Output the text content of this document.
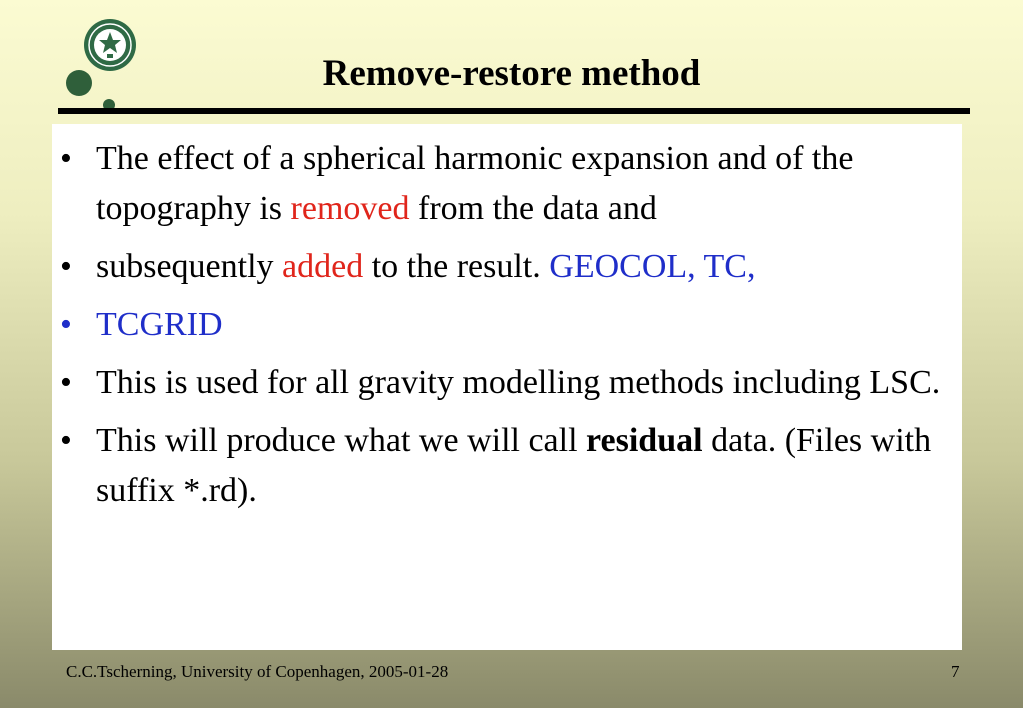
Remove-restore method
• The effect of a spherical harmonic expansion and of the topography is removed from the data and
• subsequently added to the result. GEOCOL, TC,
• TCGRID
• This is used for all gravity modelling methods including LSC.
• This will produce what we will call residual data. (Files with suffix *.rd).
C.C.Tscherning, University of Copenhagen, 2005-01-28	7
